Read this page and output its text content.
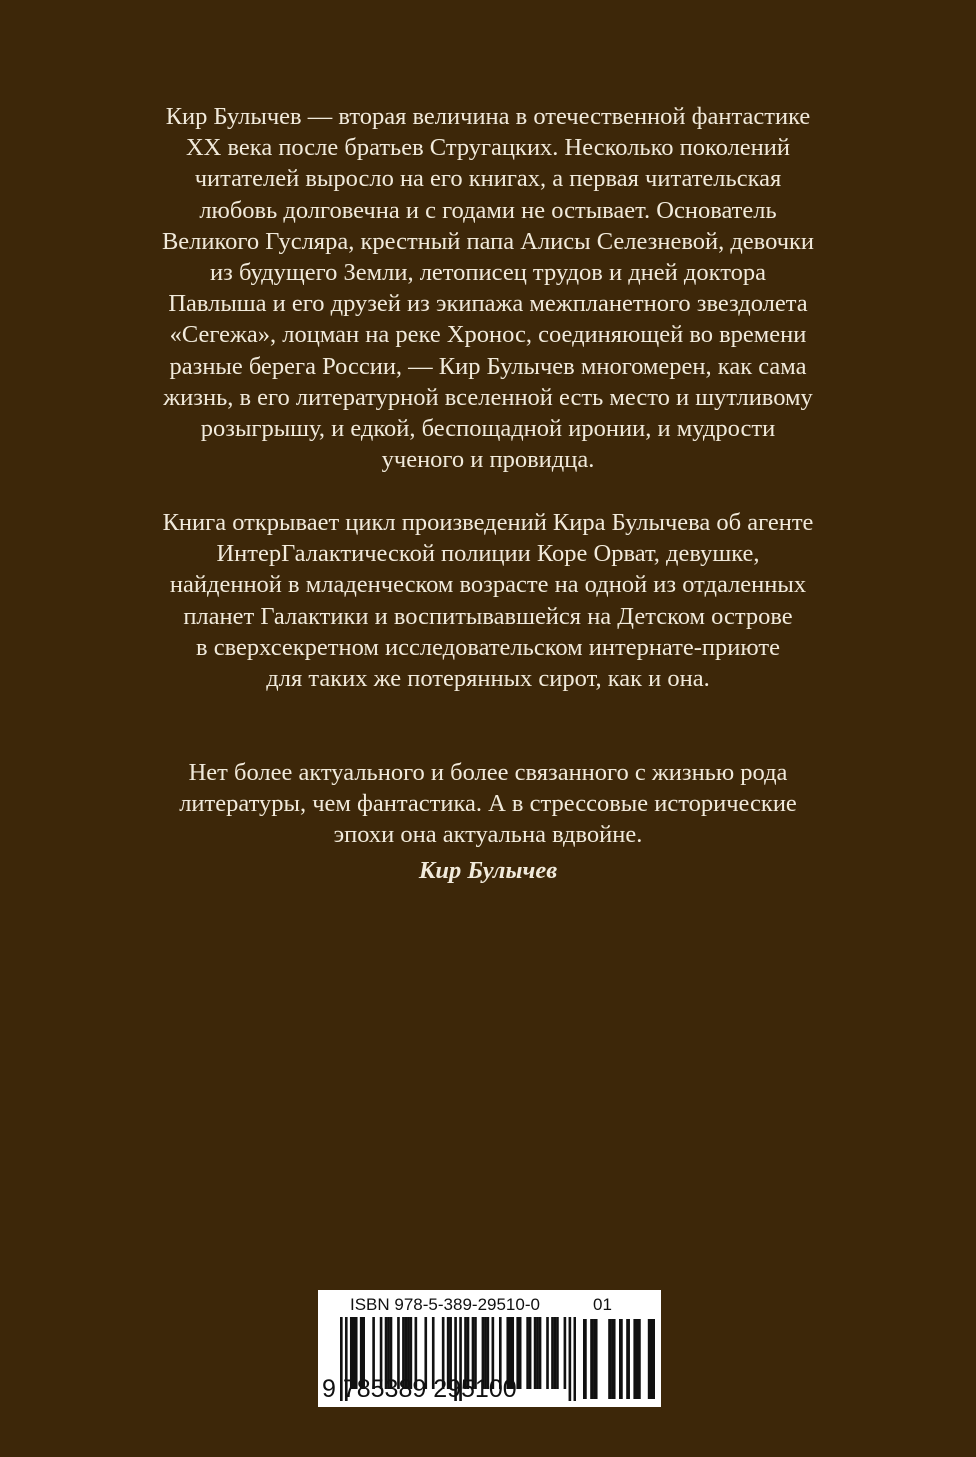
Кир Булычев — вторая величина в отечественной фантастике
XX века после братьев Стругацких. Несколько поколений
читателей выросло на его книгах, а первая читательская
любовь долговечна и с годами не остывает. Основатель
Великого Гусляра, крестный папа Алисы Селезневой, девочки
из будущего Земли, летописец трудов и дней доктора
Павлыша и его друзей из экипажа межпланетного звездолета
«Сегежа», лоцман на реке Хронос, соединяющей во времени
разные берега России, — Кир Булычев многомерен, как сама
жизнь, в его литературной вселенной есть место и шутливому
розыгрышу, и едкой, беспощадной иронии, и мудрости
ученого и провидца.

Книга открывает цикл произведений Кира Булычева об агенте
ИнтерГалактической полиции Коре Орват, девушке,
найденной в младенческом возрасте на одной из отдаленных
планет Галактики и воспитывавшейся на Детском острове
в сверхсекретном исследовательском интернате-приюте
для таких же потерянных сирот, как и она.

Нет более актуального и более связанного с жизнью рода
литературы, чем фантастика. А в стрессовые исторические
эпохи она актуальна вдвойне.

Кир Булычев

ISBN 978-5-389-29510-0	01
9 785389 295100
